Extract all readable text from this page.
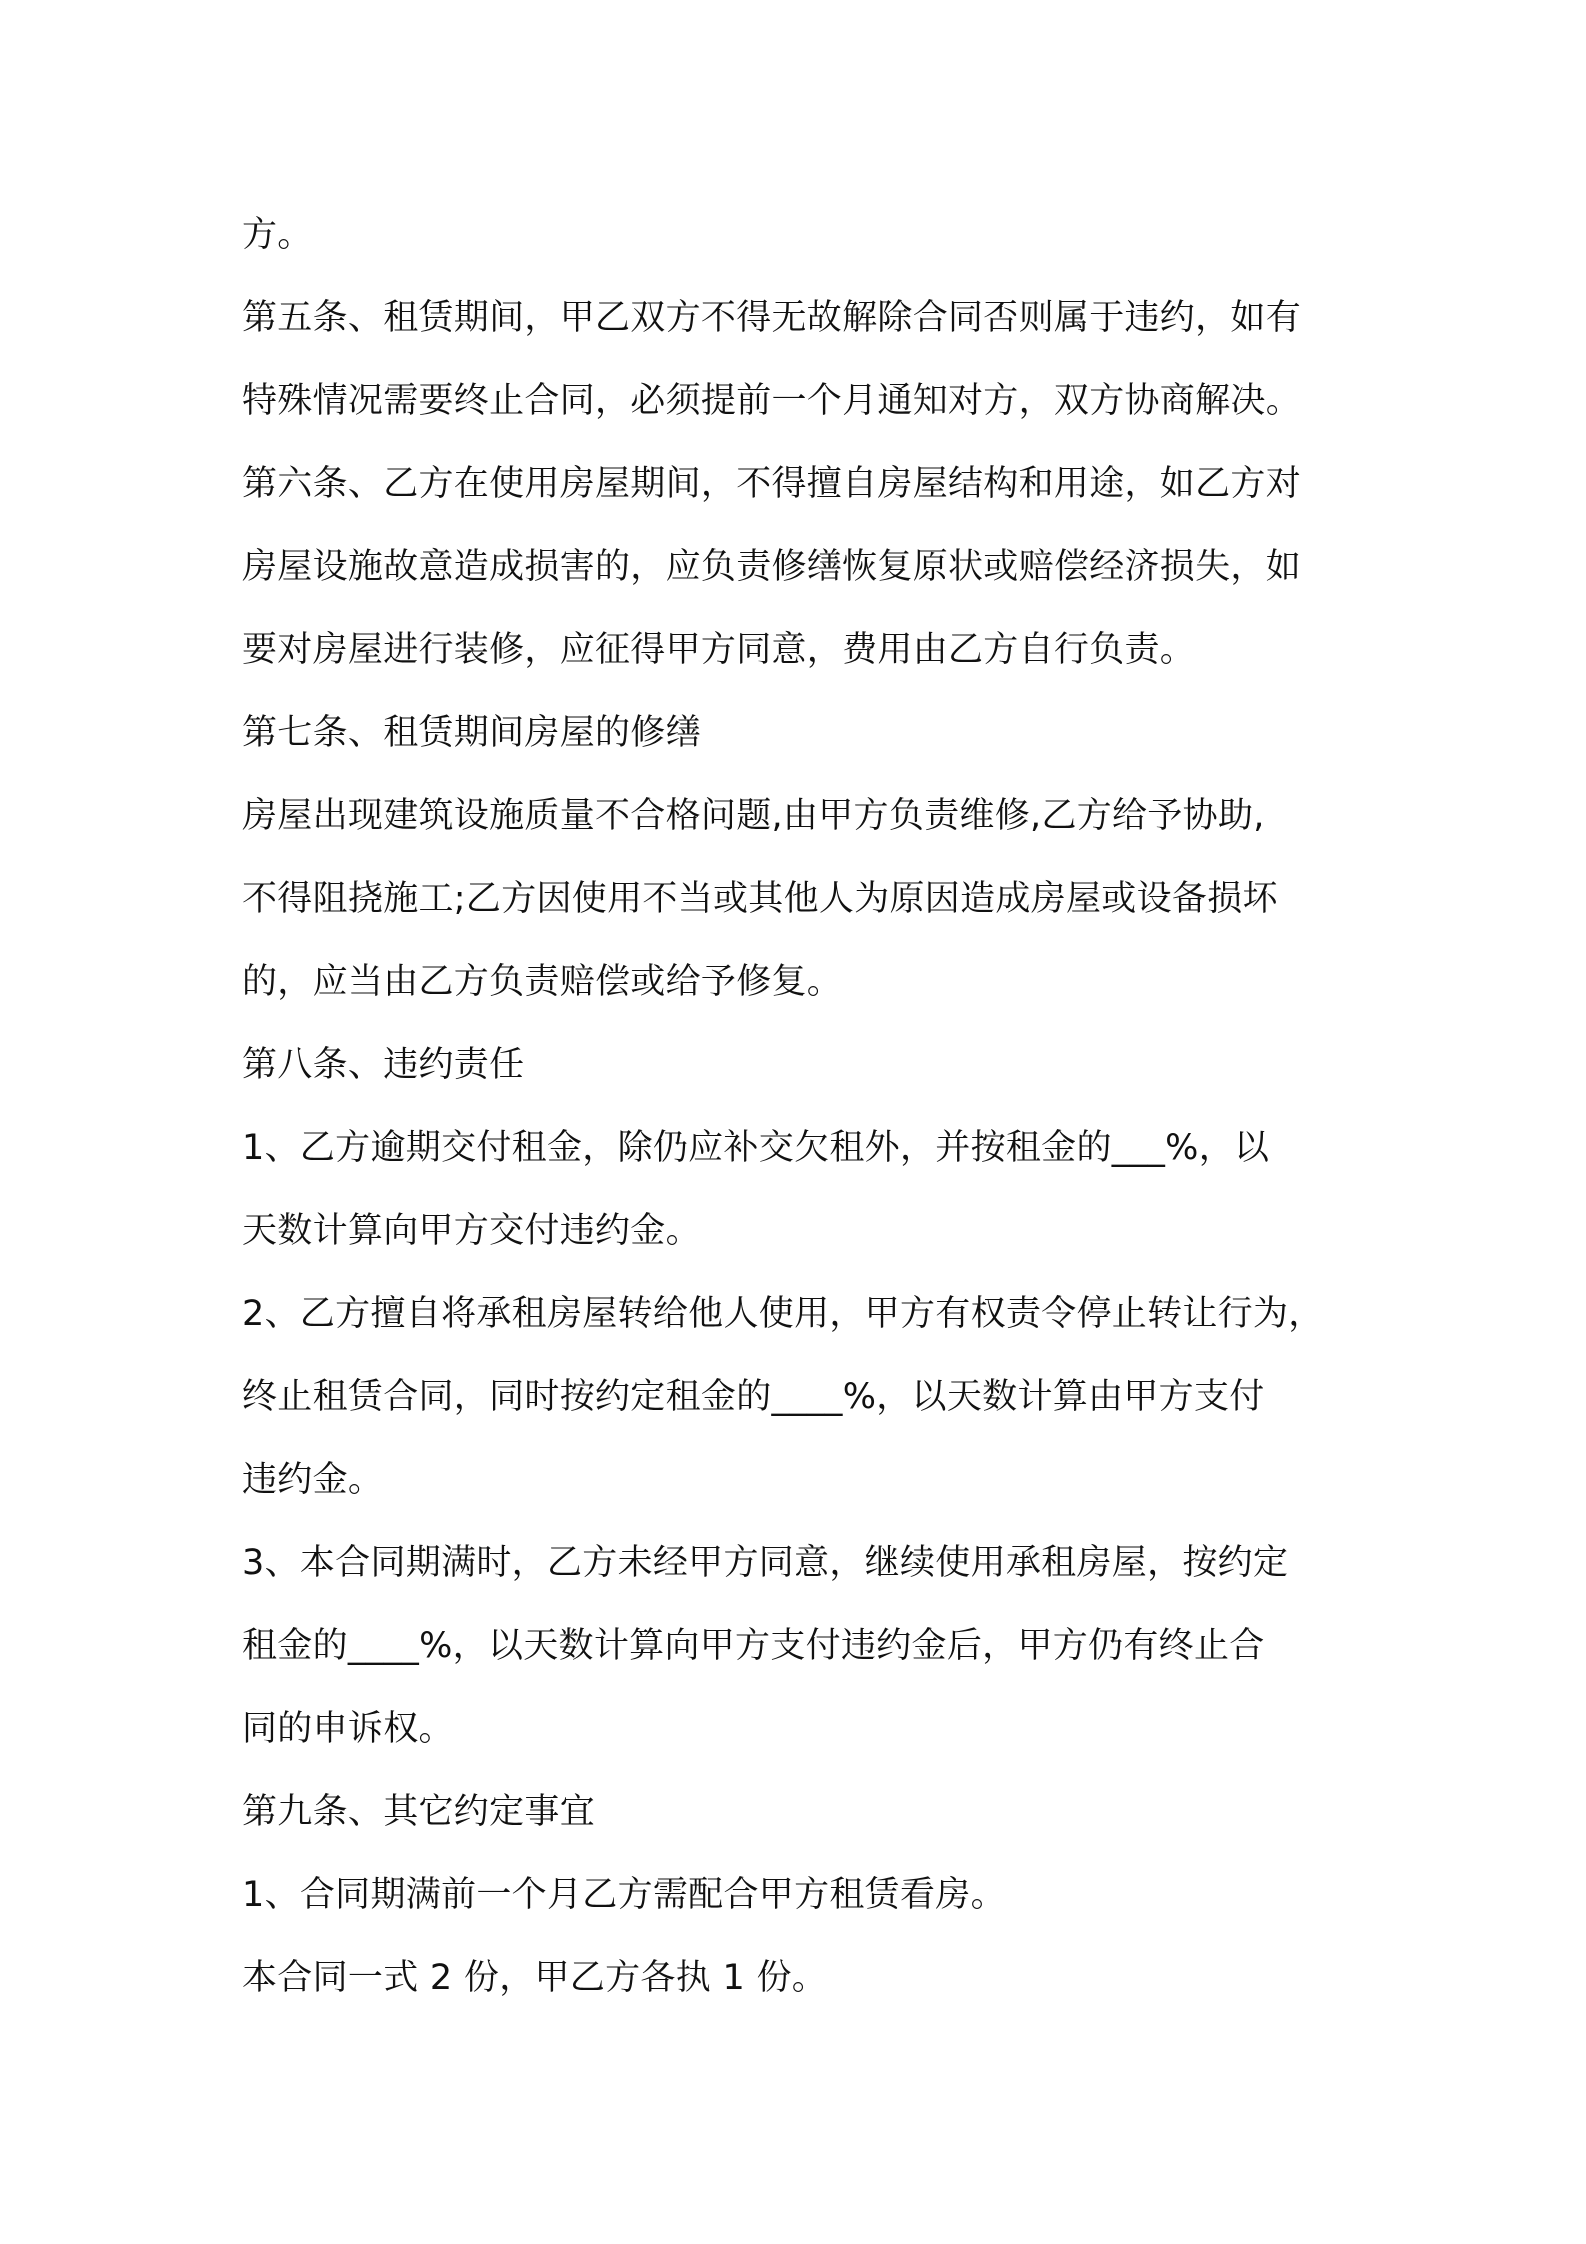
方。

第五条、租赁期间，甲乙双方不得无故解除合同否则属于违约，如有

特殊情况需要终止合同，必须提前一个月通知对方，双方协商解决。

第六条、乙方在使用房屋期间，不得擅自房屋结构和用途，如乙方对

房屋设施故意造成损害的，应负责修缮恢复原状或赔偿经济损失，如

要对房屋进行装修，应征得甲方同意，费用由乙方自行负责。

第七条、租赁期间房屋的修缮

房屋出现建筑设施质量不合格问题,由甲方负责维修,乙方给予协助,

不得阻挠施工;乙方因使用不当或其他人为原因造成房屋或设备损坏

的，应当由乙方负责赔偿或给予修复。

第八条、违约责任

1、乙方逾期交付租金，除仍应补交欠租外，并按租金的___%，以

天数计算向甲方交付违约金。

2、乙方擅自将承租房屋转给他人使用，甲方有权责令停止转让行为，

终止租赁合同，同时按约定租金的____%，以天数计算由甲方支付

违约金。

3、本合同期满时，乙方未经甲方同意，继续使用承租房屋，按约定

租金的____%，以天数计算向甲方支付违约金后，甲方仍有终止合

同的申诉权。

第九条、其它约定事宜

1、合同期满前一个月乙方需配合甲方租赁看房。

本合同一式 2 份，甲乙方各执 1 份。
